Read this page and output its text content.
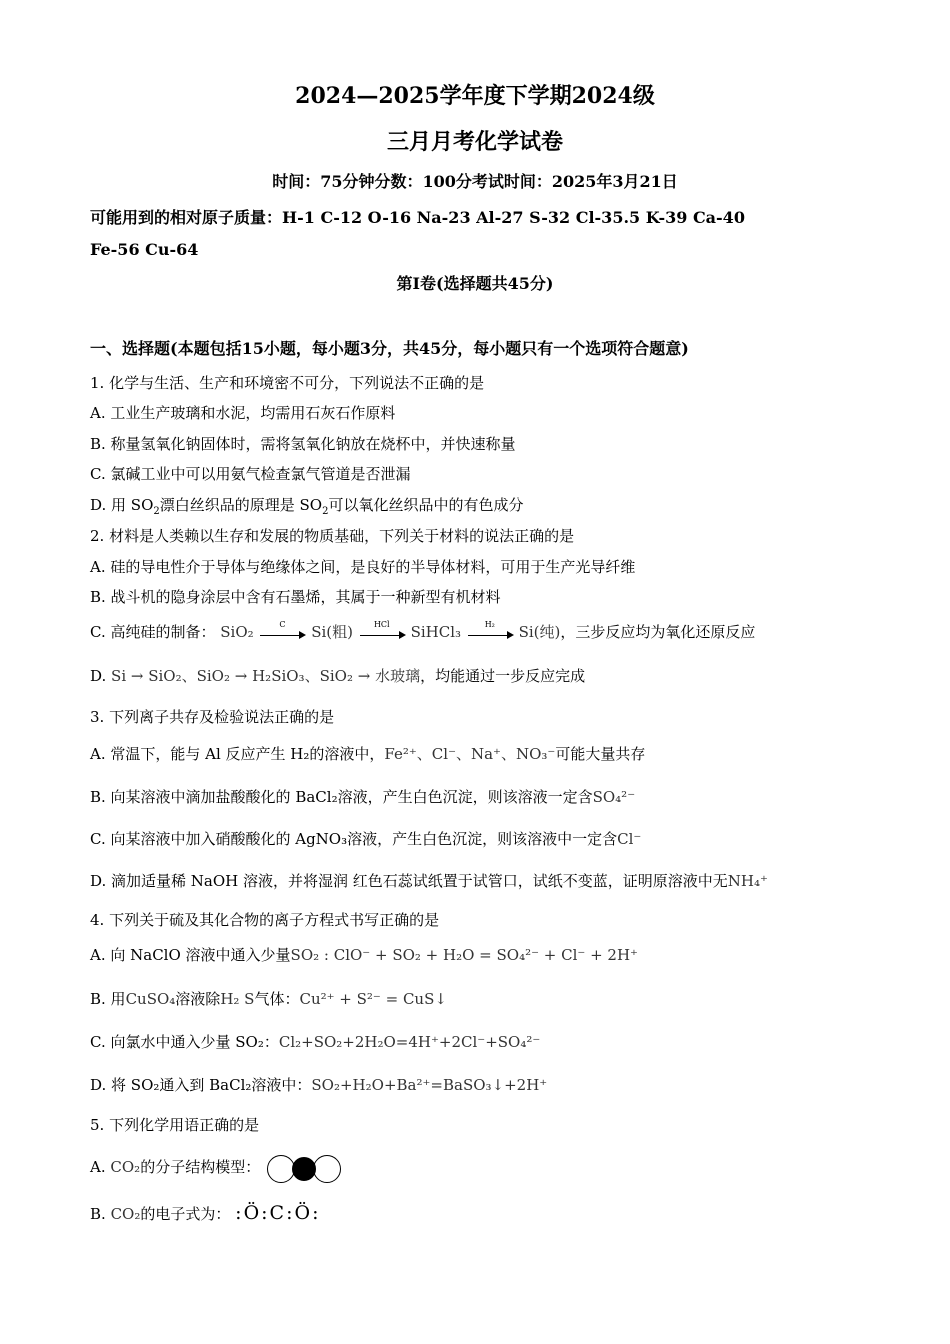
2024—2025学年度下学期2024级
三月月考化学试卷
时间：75分钟分数：100分考试时间：2025年3月21日
可能用到的相对原子质量：H-1 C-12 O-16 Na-23 Al-27 S-32 Cl-35.5 K-39 Ca-40
Fe-56 Cu-64
第Ⅰ卷(选择题共45分)
一、选择题(本题包括15小题，每小题3分，共45分，每小题只有一个选项符合题意)
1. 化学与生活、生产和环境密不可分，下列说法不正确的是
A. 工业生产玻璃和水泥，均需用石灰石作原料
B. 称量氢氧化钠固体时，需将氢氧化钠放在烧杯中，并快速称量
C. 氯碱工业中可以用氨气检查氯气管道是否泄漏
D. 用 $SO_2$漂白丝织品的原理是 $SO_2$可以氧化丝织品中的有色成分
2. 材料是人类赖以生存和发展的物质基础，下列关于材料的说法正确的是
A. 硅的导电性介于导体与绝缘体之间，是良好的半导体材料，可用于生产光导纤维
B. 战斗机的隐身涂层中含有石墨烯，其属于一种新型有机材料
C. 高纯硅的制备： SiO₂	C	Si(粗)	HCl	SiHCl₃	H₂	Si(纯)，三步反应均为氧化还原反应
D. Si → SiO₂、SiO₂ → H₂SiO₃、SiO₂ → 水玻璃，均能通过一步反应完成
3. 下列离子共存及检验说法正确的是
A. 常温下，能与 Al 反应产生 H₂的溶液中，Fe²⁺、Cl⁻、Na⁺、NO₃⁻可能大量共存
B. 向某溶液中滴加盐酸酸化的 BaCl₂溶液，产生白色沉淀，则该溶液一定含SO₄²⁻
C. 向某溶液中加入硝酸酸化的 AgNO₃溶液，产生白色沉淀，则该溶液中一定含Cl⁻
D. 滴加适量稀 NaOH 溶液，并将湿润 红色石蕊试纸置于试管口，试纸不变蓝，证明原溶液中无NH₄⁺
4. 下列关于硫及其化合物的离子方程式书写正确的是
A. 向 NaClO 溶液中通入少量SO₂ : ClO⁻ + SO₂ + H₂O = SO₄²⁻ + Cl⁻ + 2H⁺
B. 用CuSO₄溶液除H₂ S气体：Cu²⁺ + S²⁻ = CuS↓
C. 向氯水中通入少量 SO₂：Cl₂+SO₂+2H₂O=4H⁺+2Cl⁻+SO₄²⁻
D. 将 SO₂通入到 BaCl₂溶液中：SO₂+H₂O+Ba²⁺=BaSO₃↓+2H⁺
5. 下列化学用语正确的是
A. CO₂的分子结构模型：
B. CO₂的电子式为： :Ö:C:Ö:
